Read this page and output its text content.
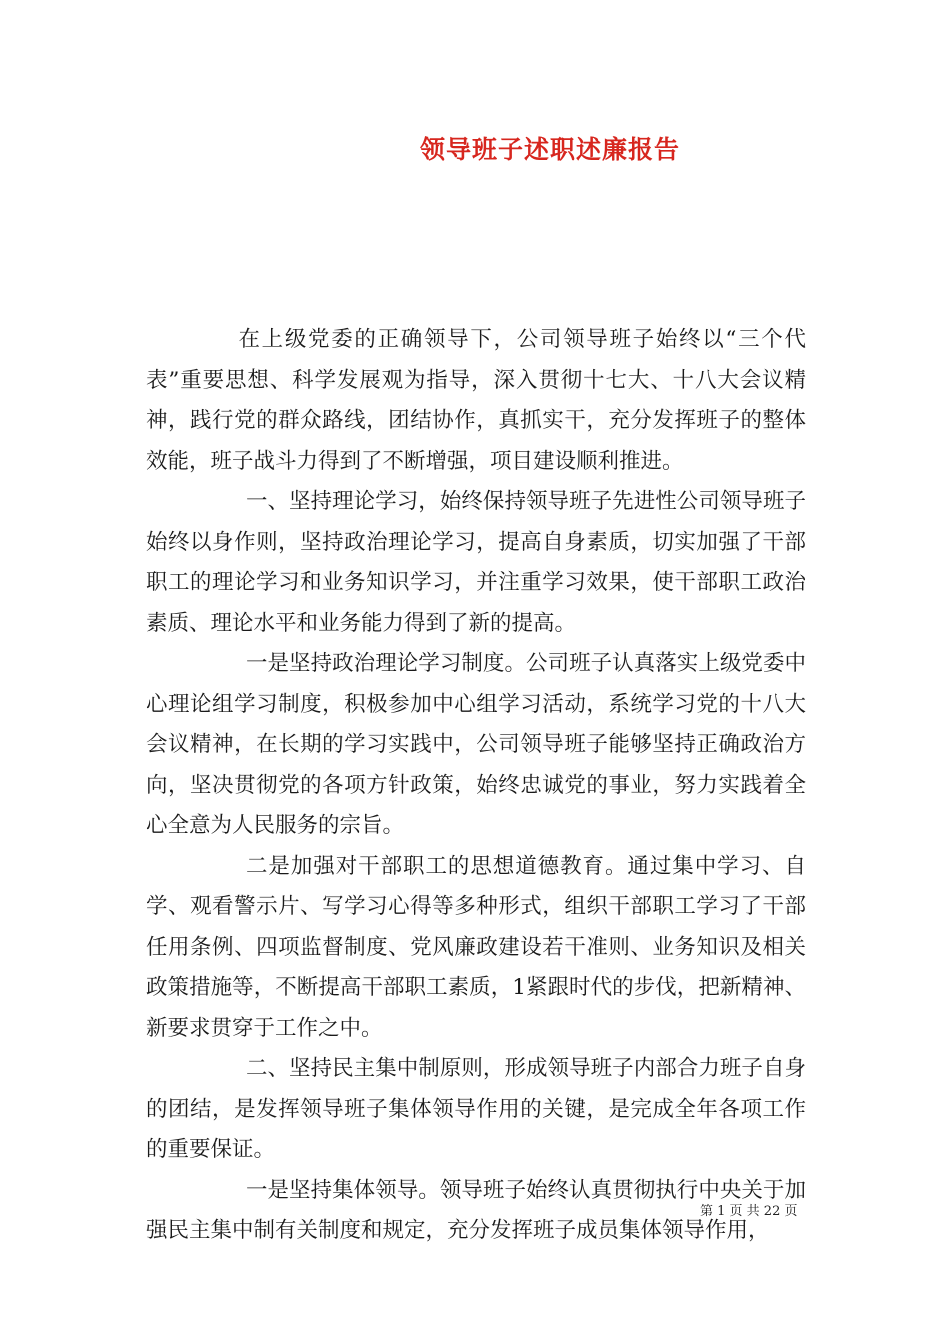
领导班子述职述廉报告

在上级党委的正确领导下，公司领导班子始终以“三个代表”重要思想、科学发展观为指导，深入贯彻十七大、十八大会议精神，践行党的群众路线，团结协作，真抓实干，充分发挥班子的整体效能，班子战斗力得到了不断增强，项目建设顺利推进。

一、坚持理论学习，始终保持领导班子先进性公司领导班子始终以身作则，坚持政治理论学习，提高自身素质，切实加强了干部职工的理论学习和业务知识学习，并注重学习效果，使干部职工政治素质、理论水平和业务能力得到了新的提高。

一是坚持政治理论学习制度。公司班子认真落实上级党委中心理论组学习制度，积极参加中心组学习活动，系统学习党的十八大会议精神，在长期的学习实践中，公司领导班子能够坚持正确政治方向，坚决贯彻党的各项方针政策，始终忠诚党的事业，努力实践着全心全意为人民服务的宗旨。

二是加强对干部职工的思想道德教育。通过集中学习、自学、观看警示片、写学习心得等多种形式，组织干部职工学习了干部任用条例、四项监督制度、党风廉政建设若干准则、业务知识及相关政策措施等，不断提高干部职工素质，1紧跟时代的步伐，把新精神、新要求贯穿于工作之中。

二、坚持民主集中制原则，形成领导班子内部合力班子自身的团结，是发挥领导班子集体领导作用的关键，是完成全年各项工作的重要保证。

一是坚持集体领导。领导班子始终认真贯彻执行中央关于加强民主集中制有关制度和规定，充分发挥班子成员集体领导作用，

第 1 页 共 22 页
